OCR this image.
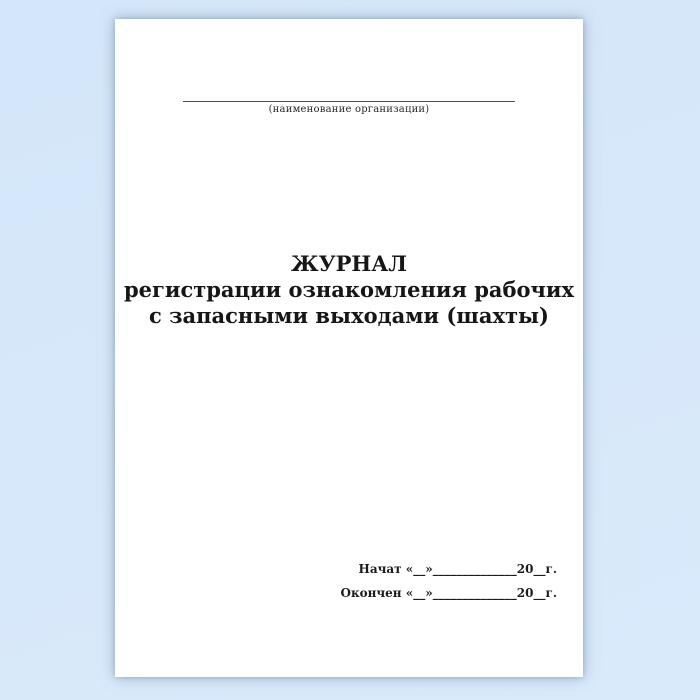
(наименование организации)
ЖУРНАЛ
регистрации ознакомления рабочих
с запасными выходами (шахты)
Начат «__»______________20__г.
Окончен «__»______________20__г.
